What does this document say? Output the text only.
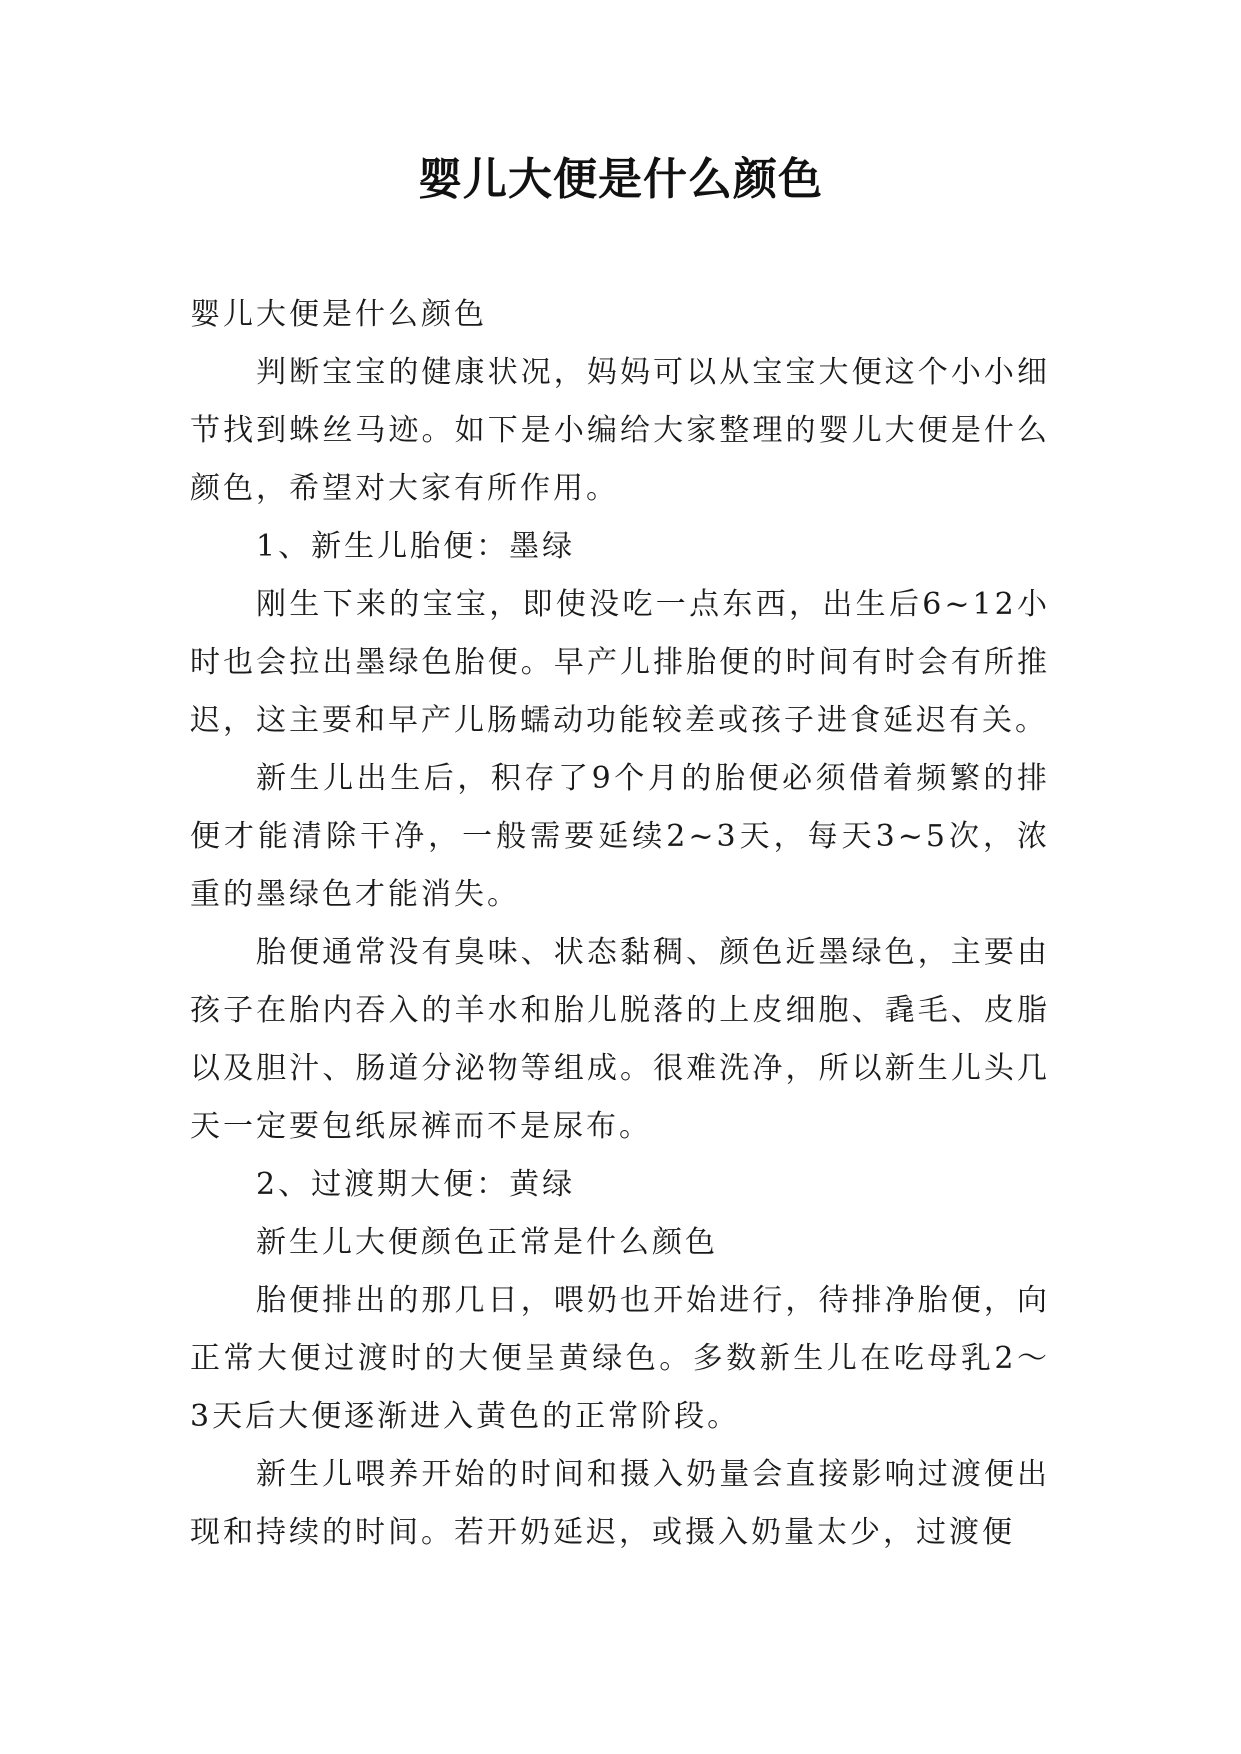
婴儿大便是什么颜色

婴儿大便是什么颜色

判断宝宝的健康状况，妈妈可以从宝宝大便这个小小细节找到蛛丝马迹。如下是小编给大家整理的婴儿大便是什么颜色，希望对大家有所作用。

1、新生儿胎便：墨绿

刚生下来的宝宝，即使没吃一点东西，出生后6~12小时也会拉出墨绿色胎便。早产儿排胎便的时间有时会有所推迟，这主要和早产儿肠蠕动功能较差或孩子进食延迟有关。

新生儿出生后，积存了9个月的胎便必须借着频繁的排便才能清除干净，一般需要延续2~3天，每天3~5次，浓重的墨绿色才能消失。

胎便通常没有臭味、状态黏稠、颜色近墨绿色，主要由孩子在胎内吞入的羊水和胎儿脱落的上皮细胞、毳毛、皮脂以及胆汁、肠道分泌物等组成。很难洗净，所以新生儿头几天一定要包纸尿裤而不是尿布。

2、过渡期大便：黄绿

新生儿大便颜色正常是什么颜色

胎便排出的那几日，喂奶也开始进行，待排净胎便，向正常大便过渡时的大便呈黄绿色。多数新生儿在吃母乳2～3天后大便逐渐进入黄色的正常阶段。

新生儿喂养开始的时间和摄入奶量会直接影响过渡便出现和持续的时间。若开奶延迟，或摄入奶量太少，过渡便
